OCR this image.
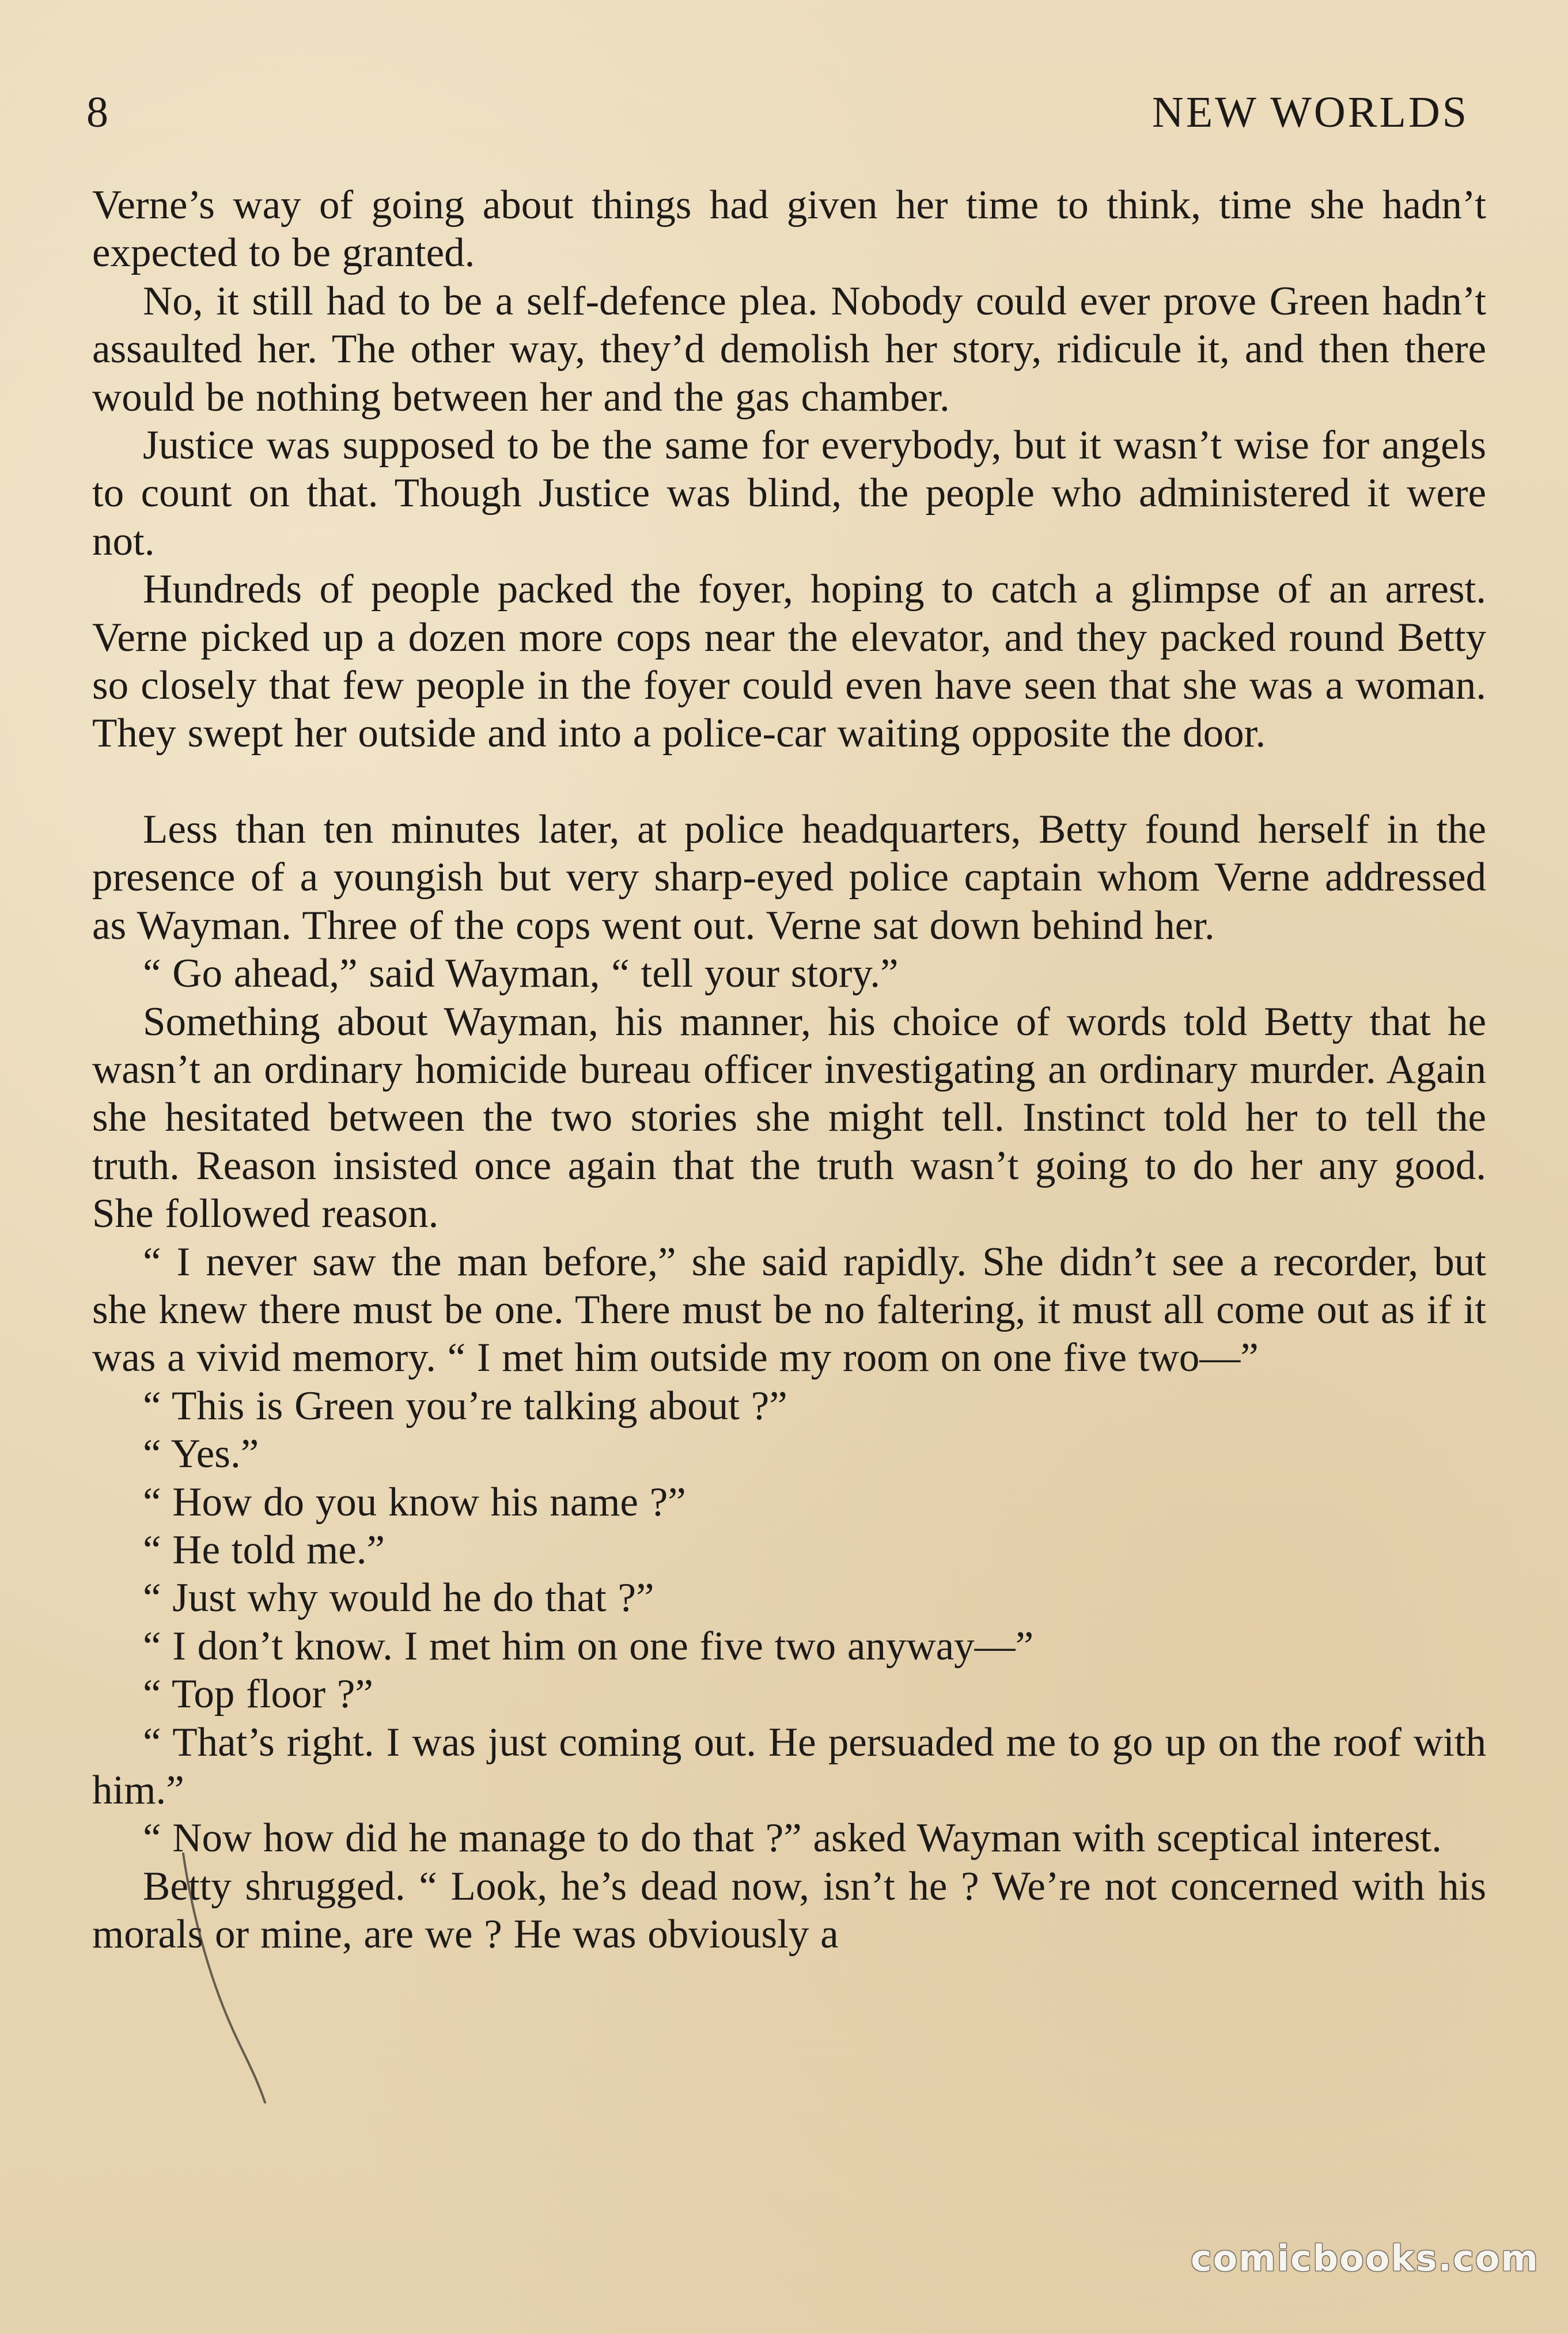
8	NEW WORLDS

Verne’s way of going about things had given her time to think, time she hadn’t expected to be granted.

No, it still had to be a self-defence plea. Nobody could ever prove Green hadn’t assaulted her. The other way, they’d demolish her story, ridicule it, and then there would be nothing between her and the gas chamber.

Justice was supposed to be the same for everybody, but it wasn’t wise for angels to count on that. Though Justice was blind, the people who administered it were not.

Hundreds of people packed the foyer, hoping to catch a glimpse of an arrest. Verne picked up a dozen more cops near the elevator, and they packed round Betty so closely that few people in the foyer could even have seen that she was a woman. They swept her outside and into a police-car waiting opposite the door.

Less than ten minutes later, at police headquarters, Betty found herself in the presence of a youngish but very sharp-eyed police captain whom Verne addressed as Wayman. Three of the cops went out. Verne sat down behind her.

“ Go ahead,” said Wayman, “ tell your story.”

Something about Wayman, his manner, his choice of words told Betty that he wasn’t an ordinary homicide bureau officer investigating an ordinary murder. Again she hesitated between the two stories she might tell. Instinct told her to tell the truth. Reason insisted once again that the truth wasn’t going to do her any good. She followed reason.

“ I never saw the man before,” she said rapidly. She didn’t see a recorder, but she knew there must be one. There must be no faltering, it must all come out as if it was a vivid memory. “ I met him outside my room on one five two—”

“ This is Green you’re talking about ?”

“ Yes.”

“ How do you know his name ?”

“ He told me.”

“ Just why would he do that ?”

“ I don’t know. I met him on one five two anyway—”

“ Top floor ?”

“ That’s right. I was just coming out. He persuaded me to go up on the roof with him.”

“ Now how did he manage to do that ?” asked Wayman with sceptical interest.

Betty shrugged. “ Look, he’s dead now, isn’t he ? We’re not concerned with his morals or mine, are we ? He was obviously a

comicbooks.com
